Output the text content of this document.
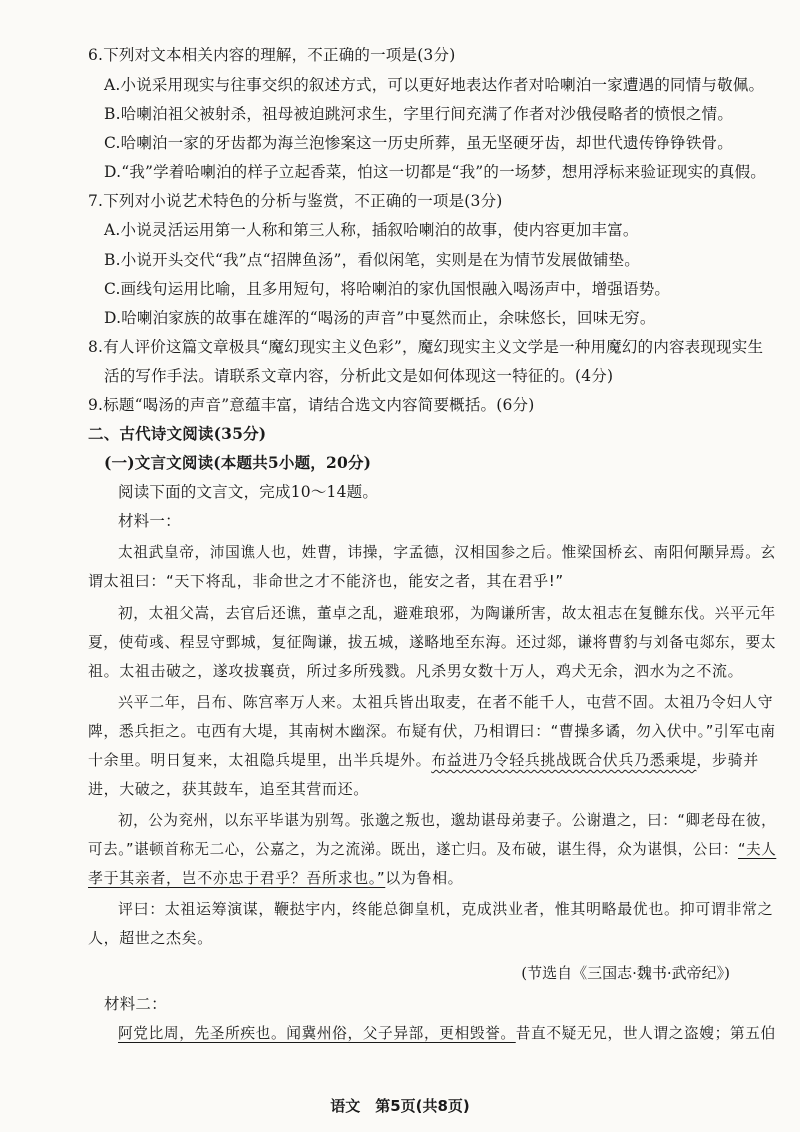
6.下列对文本相关内容的理解，不正确的一项是(3分)
A.小说采用现实与往事交织的叙述方式，可以更好地表达作者对哈喇泊一家遭遇的同情与敬佩。
B.哈喇泊祖父被射杀，祖母被迫跳河求生，字里行间充满了作者对沙俄侵略者的愤恨之情。
C.哈喇泊一家的牙齿都为海兰泡惨案这一历史所葬，虽无坚硬牙齿，却世代遗传铮铮铁骨。
D.“我”学着哈喇泊的样子立起香菜，怕这一切都是“我”的一场梦，想用浮标来验证现实的真假。
7.下列对小说艺术特色的分析与鉴赏，不正确的一项是(3分)
A.小说灵活运用第一人称和第三人称，插叙哈喇泊的故事，使内容更加丰富。
B.小说开头交代“我”点“招牌鱼汤”，看似闲笔，实则是在为情节发展做铺垫。
C.画线句运用比喻，且多用短句，将哈喇泊的家仇国恨融入喝汤声中，增强语势。
D.哈喇泊家族的故事在雄浑的“喝汤的声音”中戛然而止，余味悠长，回味无穷。
8.有人评价这篇文章极具“魔幻现实主义色彩”，魔幻现实主义文学是一种用魔幻的内容表现现实生
活的写作手法。请联系文章内容，分析此文是如何体现这一特征的。(4分)
9.标题“喝汤的声音”意蕴丰富，请结合选文内容简要概括。(6分)
二、古代诗文阅读(35分)
(一)文言文阅读(本题共5小题，20分)
阅读下面的文言文，完成10～14题。
材料一：
太祖武皇帝，沛国谯人也，姓曹，讳操，字孟德，汉相国参之后。惟梁国桥玄、南阳何颙异焉。玄
谓太祖曰：“天下将乱，非命世之才不能济也，能安之者，其在君乎!”
初，太祖父嵩，去官后还谯，董卓之乱，避难琅邪，为陶谦所害，故太祖志在复雠东伐。兴平元年
夏，使荀彧、程昱守鄄城，复征陶谦，拔五城，遂略地至东海。还过郯，谦将曹豹与刘备屯郯东，要太
祖。太祖击破之，遂攻拔襄贲，所过多所残戮。凡杀男女数十万人，鸡犬无余，泗水为之不流。
兴平二年，吕布、陈宫率万人来。太祖兵皆出取麦，在者不能千人，屯营不固。太祖乃令妇人守
陴，悉兵拒之。屯西有大堤，其南树木幽深。布疑有伏，乃相谓曰：“曹操多谲，勿入伏中。”引军屯南
十余里。明日复来，太祖隐兵堤里，出半兵堤外。布益进乃令轻兵挑战既合伏兵乃悉乘堤，步骑并
进，大破之，获其鼓车，追至其营而还。
初，公为兖州，以东平毕谌为别驾。张邈之叛也，邈劫谌母弟妻子。公谢遣之，曰：“卿老母在彼，
可去。”谌顿首称无二心，公嘉之，为之流涕。既出，遂亡归。及布破，谌生得，众为谌惧，公曰：“夫人
孝于其亲者，岂不亦忠于君乎？吾所求也。”以为鲁相。
评曰：太祖运筹演谋，鞭挞宇内，终能总御皇机，克成洪业者，惟其明略最优也。抑可谓非常之
人，超世之杰矣。
(节选自《三国志·魏书·武帝纪》)
材料二：
阿党比周，先圣所疾也。闻冀州俗，父子异部，更相毁誉。昔直不疑无兄，世人谓之盗嫂；第五伯
语文　第5页(共8页)
